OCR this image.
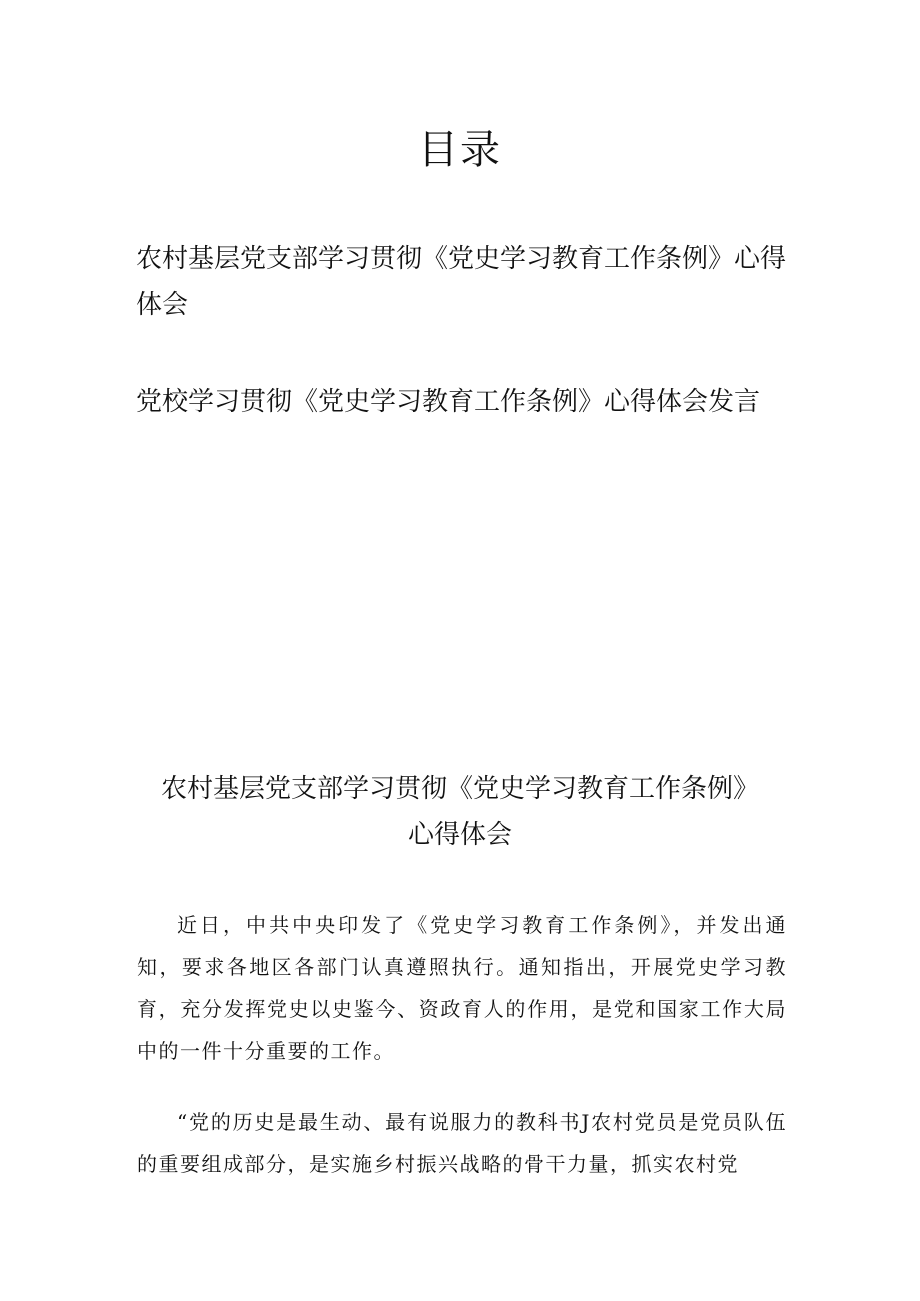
目录

农村基层党支部学习贯彻《党史学习教育工作条例》心得体会

党校学习贯彻《党史学习教育工作条例》心得体会发言

农村基层党支部学习贯彻《党史学习教育工作条例》心得体会

近日，中共中央印发了《党史学习教育工作条例》，并发出通知，要求各地区各部门认真遵照执行。通知指出，开展党史学习教育，充分发挥党史以史鉴今、资政育人的作用，是党和国家工作大局中的一件十分重要的工作。

“党的历史是最生动、最有说服力的教科书J农村党员是党员队伍的重要组成部分，是实施乡村振兴战略的骨干力量，抓实农村党
